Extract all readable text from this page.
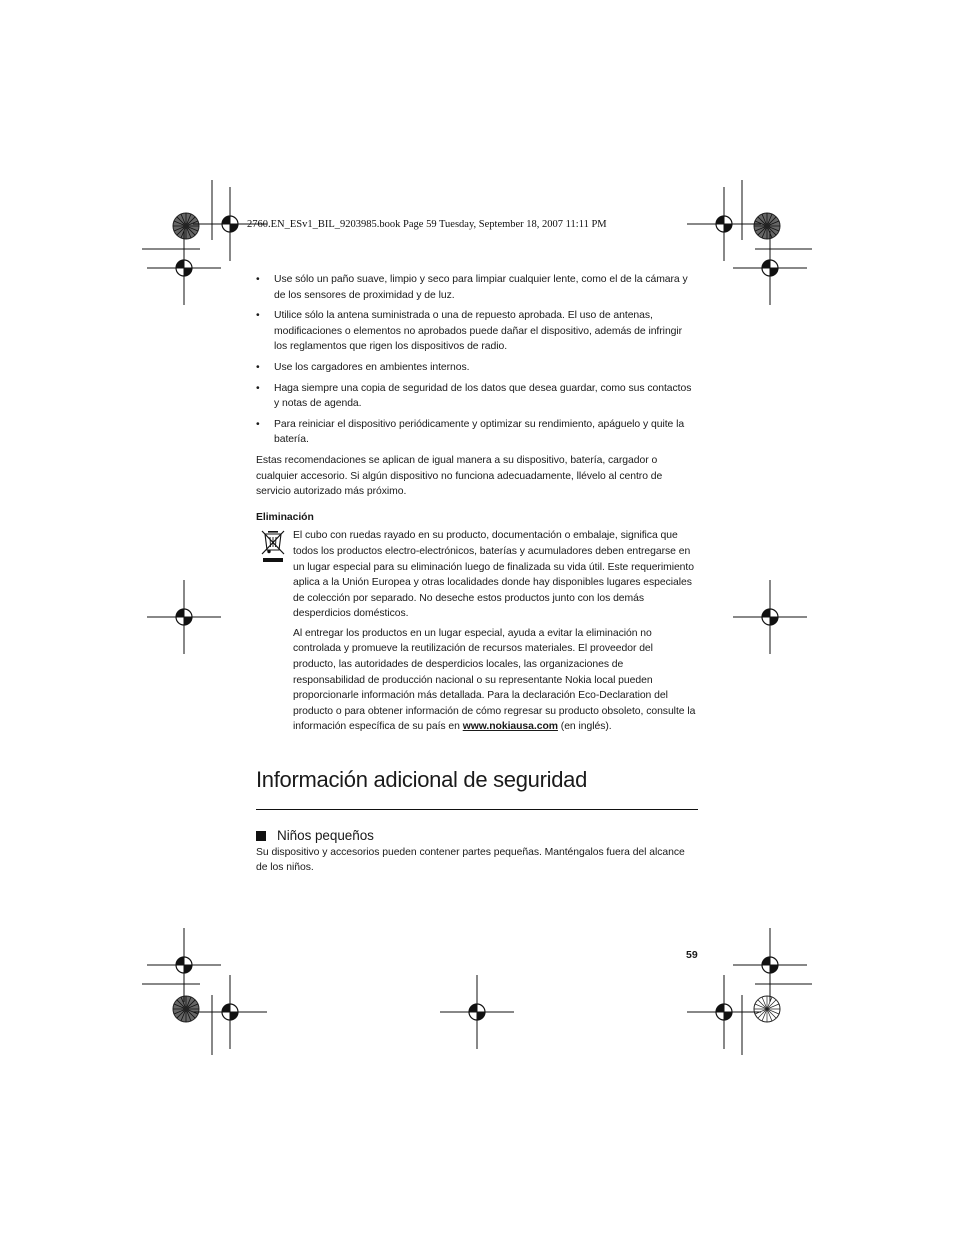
2760.EN_ESv1_BIL_9203985.book Page 59 Tuesday, September 18, 2007 11:11 PM
• Use sólo un paño suave, limpio y seco para limpiar cualquier lente, como el de la cámara y de los sensores de proximidad y de luz.
• Utilice sólo la antena suministrada o una de repuesto aprobada. El uso de antenas, modificaciones o elementos no aprobados puede dañar el dispositivo, además de infringir los reglamentos que rigen los dispositivos de radio.
• Use los cargadores en ambientes internos.
• Haga siempre una copia de seguridad de los datos que desea guardar, como sus contactos y notas de agenda.
• Para reiniciar el dispositivo periódicamente y optimizar su rendimiento, apáguelo y quite la batería.

Estas recomendaciones se aplican de igual manera a su dispositivo, batería, cargador o cualquier accesorio. Si algún dispositivo no funciona adecuadamente, llévelo al centro de servicio autorizado más próximo.

Eliminación

El cubo con ruedas rayado en su producto, documentación o embalaje, significa que todos los productos electro-electrónicos, baterías y acumuladores deben entregarse en un lugar especial para su eliminación luego de finalizada su vida útil. Este requerimiento aplica a la Unión Europea y otras localidades donde hay disponibles lugares especiales de colección por separado. No deseche estos productos junto con los demás desperdicios domésticos.

Al entregar los productos en un lugar especial, ayuda a evitar la eliminación no controlada y promueve la reutilización de recursos materiales. El proveedor del producto, las autoridades de desperdicios locales, las organizaciones de responsabilidad de producción nacional o su representante Nokia local pueden proporcionarle información más detallada. Para la declaración Eco-Declaration del producto o para obtener información de cómo regresar su producto obsoleto, consulte la información específica de su país en www.nokiausa.com (en inglés).

Información adicional de seguridad
Niños pequeños

Su dispositivo y accesorios pueden contener partes pequeñas. Manténgalos fuera del alcance de los niños.

59
